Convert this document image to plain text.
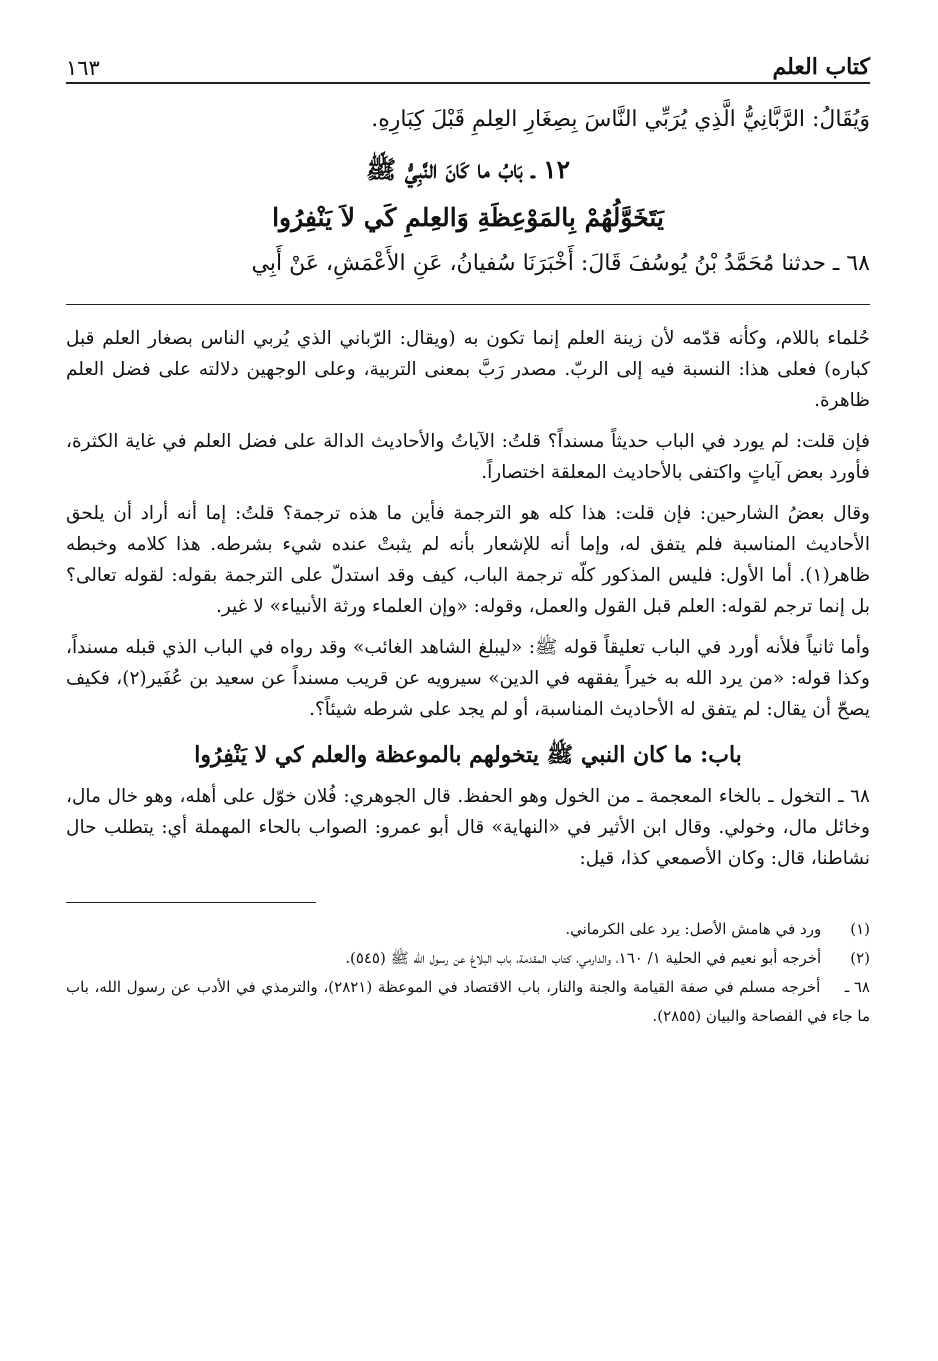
كتاب العلم
١٦٣

وَيُقَالُ: الرَّبَّانِيُّ الَّذِي يُرَبِّي النَّاسَ بِصِغَارِ العِلمِ قَبْلَ كِبَارِهِ.

١٢ ـ بَابُ ما كَانَ النَّبِيُّ ﷺ
يَتَخَوَّلُهُمْ بِالمَوْعِظَةِ وَالعِلمِ كَي لاَ يَنْفِرُوا

٦٨ ـ حدثنا مُحَمَّدُ بْنُ يُوسُفَ قَالَ: أَخْبَرَنَا سُفيانُ، عَنِ الأَعْمَشِ، عَنْ أَبِي

حُلماء باللام، وكأنه قدّمه لأن زينة العلم إنما تكون به (ويقال: الرّباني الذي يُربي الناس بصغار العلم قبل كباره) فعلى هذا: النسبة فيه إلى الربّ. مصدر رَبَّ بمعنى التربية، وعلى الوجهين دلالته على فضل العلم ظاهرة.

فإن قلت: لم يورد في الباب حديثاً مسنداً؟ قلتُ: الآياتُ والأحاديث الدالة على فضل العلم في غاية الكثرة، فأورد بعض آياتٍ واكتفى بالأحاديث المعلقة اختصاراً.

وقال بعضُ الشارحين: فإن قلت: هذا كله هو الترجمة فأين ما هذه ترجمة؟ قلتُ: إما أنه أراد أن يلحق الأحاديث المناسبة فلم يتفق له، وإما أنه للإشعار بأنه لم يثبتْ عنده شيء بشرطه. هذا كلامه وخبطه ظاهر(١). أما الأول: فليس المذكور كلّه ترجمة الباب، كيف وقد استدلّ على الترجمة بقوله: لقوله تعالى؟ بل إنما ترجم لقوله: العلم قبل القول والعمل، وقوله: «وإن العلماء ورثة الأنبياء» لا غير.

وأما ثانياً فلأنه أورد في الباب تعليقاً قوله ﷺ: «ليبلغ الشاهد الغائب» وقد رواه في الباب الذي قبله مسنداً، وكذا قوله: «من يرد الله به خيراً يفقهه في الدين» سيرويه عن قريب مسنداً عن سعيد بن عُفَير(٢)، فكيف يصحّ أن يقال: لم يتفق له الأحاديث المناسبة، أو لم يجد على شرطه شيئاً؟.

باب: ما كان النبي ﷺ يتخولهم بالموعظة والعلم كي لا يَنْفِرُوا

٦٨ ـ التخول ـ بالخاء المعجمة ـ من الخول وهو الحفظ. قال الجوهري: فُلان خوّل على أهله، وهو خال مال، وخائل مال، وخولي. وقال ابن الأثير في «النهاية» قال أبو عمرو: الصواب بالحاء المهملة أي: يتطلب حال نشاطنا، قال: وكان الأصمعي كذا، قيل:

(١) ورد في هامش الأصل: يرد على الكرماني.

(٢) أخرجه أبو نعيم في الحلية ١/ ١٦٠، والدارمي، كتاب المقدمة، باب البلاغ عن رسول الله ﷺ (٥٤٥).

٦٨ ـ أخرجه مسلم في صفة القيامة والجنة والنار، باب الاقتصاد في الموعظة (٢٨٢١)، والترمذي في الأدب عن رسول الله، باب ما جاء في الفصاحة والبيان (٢٨٥٥).
